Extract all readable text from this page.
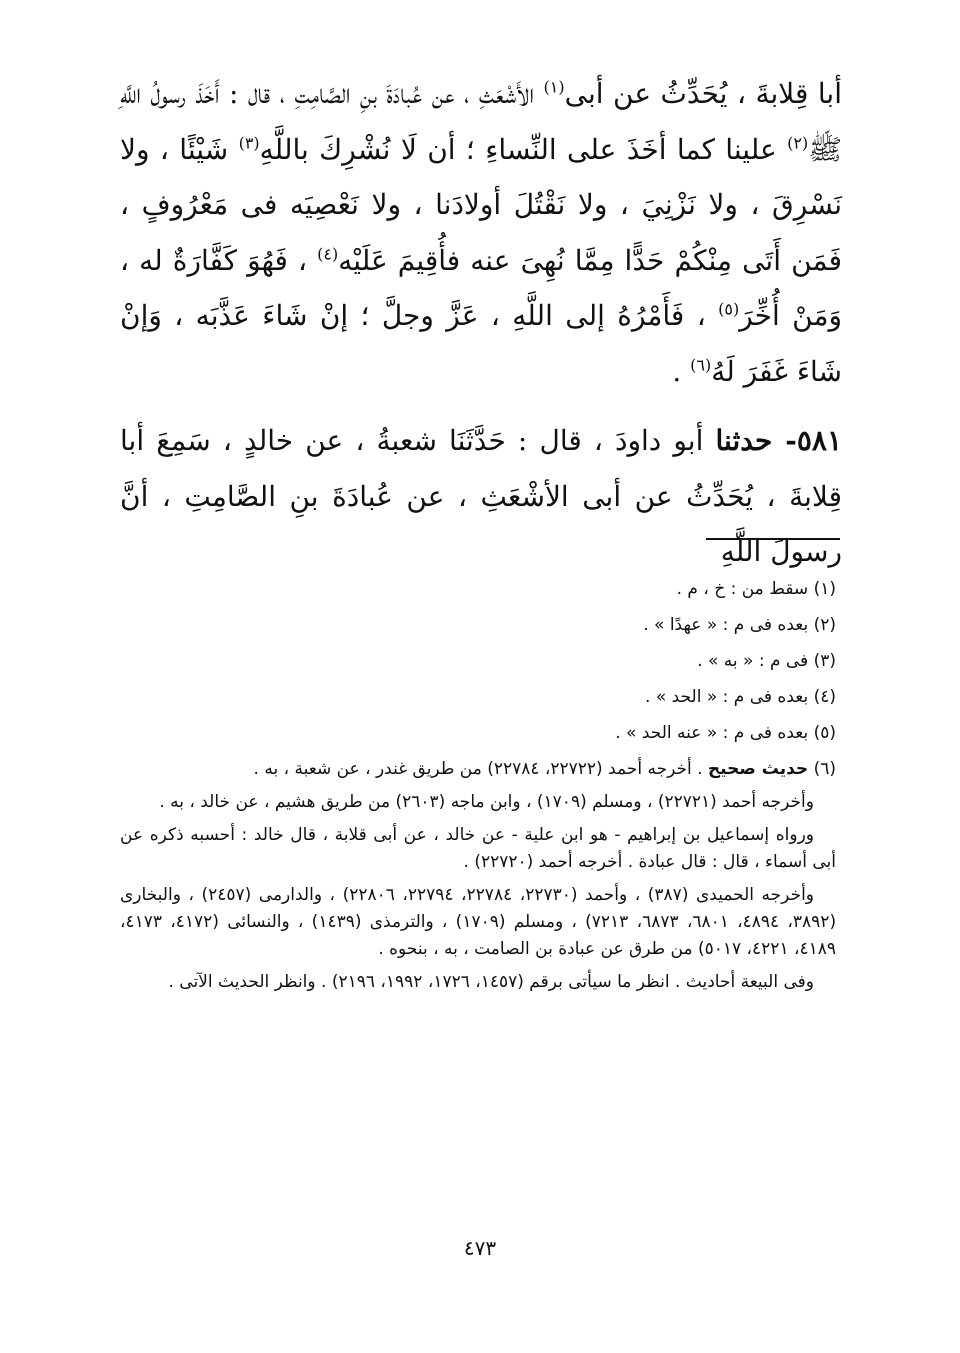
أبا قِلابةَ ، يُحَدِّثُ عن أبى$^{(١)}$ الأَشْعَثِ ، عن عُبادَةَ بنِ الصَّامِتِ ، قال : أَخَذَ رسولُ اللَّهِ ﷺ$^{(٢)}$ علينا كما أخَذَ على النِّساءِ ؛ أن لَا نُشْرِكَ باللَّهِ$^{(٣)}$ شَيْئًا ، ولا نَسْرِقَ ، ولا نَزْنِيَ ، ولا نَقْتُلَ أولادَنا ، ولا نَعْصِيَه فى مَعْرُوفٍ ، فَمَن أَتَى مِنْكُمْ حَدًّا مِمَّا نُهِىَ عنه فأُقِيمَ عَلَيْه$^{(٤)}$ ، فَهُوَ كَفَّارَةٌ له ، وَمَنْ أُخِّرَ$^{(٥)}$ ، فَأَمْرُهُ إلى اللَّهِ ، عَزَّ وجلَّ ؛ إنْ شَاءَ عَذَّبَه ، وَإنْ شَاءَ غَفَرَ لَهُ$^{(٦)}$ .

٥٨١- حدثنا أبو داودَ ، قال : حَدَّثَنَا شعبةُ ، عن خالدٍ ، سَمِعَ أبا قِلابةَ ، يُحَدِّثُ عن أبى الأشْعَثِ ، عن عُبادَةَ بنِ الصَّامِتِ ، أنَّ رسولَ اللَّهِ

(١) سقط من : خ ، م .

(٢) بعده فى م : « عهدًا » .

(٣) فى م : « به » .

(٤) بعده فى م : « الحد » .

(٥) بعده فى م : « عنه الحد » .

(٦) حديث صحيح . أخرجه أحمد (٢٢٧٢٢، ٢٢٧٨٤) من طريق غندر ، عن شعبة ، به .

وأخرجه أحمد (٢٢٧٢١) ، ومسلم (١٧٠٩) ، وابن ماجه (٢٦٠٣) من طريق هشيم ، عن خالد ، به .

ورواه إسماعيل بن إبراهيم - هو ابن علية - عن خالد ، عن أبى قلابة ، قال خالد : أحسبه ذكره عن أبى أسماء ، قال : قال عبادة . أخرجه أحمد (٢٢٧٢٠) .

وأخرجه الحميدى (٣٨٧) ، وأحمد (٢٢٧٣٠، ٢٢٧٨٤، ٢٢٧٩٤، ٢٢٨٠٦) ، والدارمى (٢٤٥٧) ، والبخارى (٣٨٩٢، ٤٨٩٤، ٦٨٠١، ٦٨٧٣، ٧٢١٣) ، ومسلم (١٧٠٩) ، والترمذى (١٤٣٩) ، والنسائى (٤١٧٢، ٤١٧٣، ٤١٨٩، ٤٢٢١، ٥٠١٧) من طرق عن عبادة بن الصامت ، به ، بنحوه .

وفى البيعة أحاديث . انظر ما سيأتى برقم (١٤٥٧، ١٧٢٦، ١٩٩٢، ٢١٩٦) . وانظر الحديث الآتى .

٤٧٣
